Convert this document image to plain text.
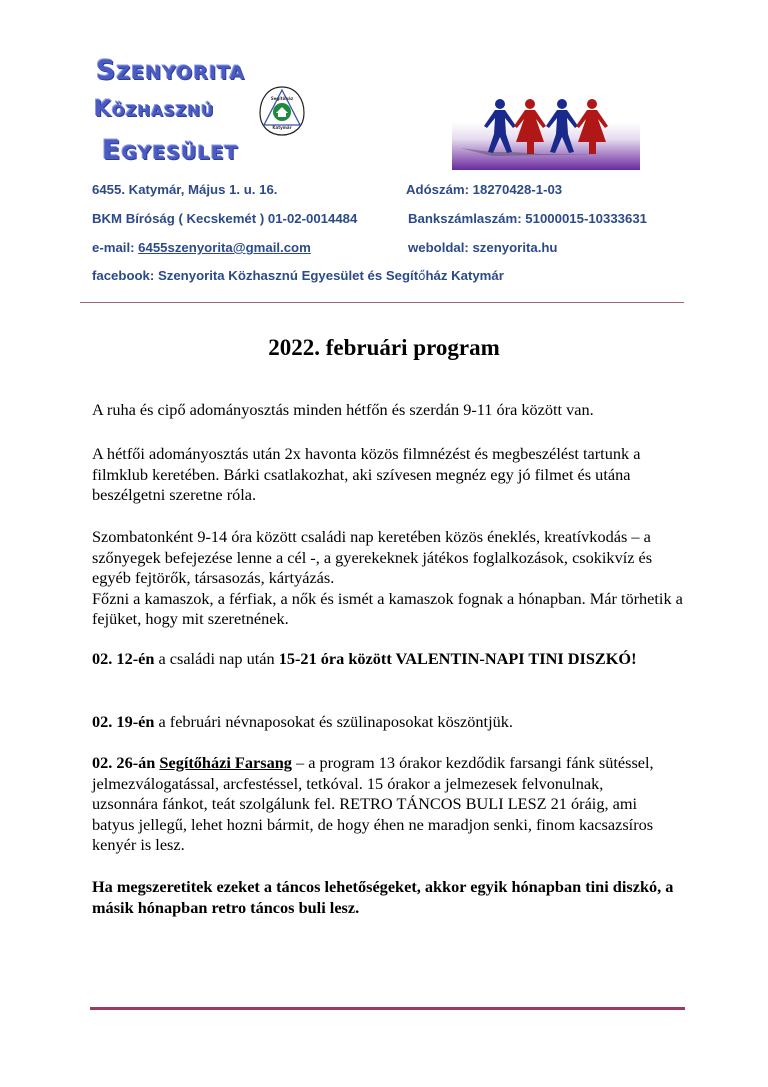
Szenyorita
Közhasznú
Egyesület
Segítőház
Katymár
6455. Katymár, Május 1. u. 16.	Adószám: 18270428-1-03
BKM Bíróság ( Kecskemét ) 01-02-0014484	Bankszámlaszám: 51000015-10333631
e-mail: 6455szenyorita@gmail.com	weboldal: szenyorita.hu
facebook: Szenyorita Közhasznú Egyesület és Segítőház Katymár
2022. februári program
A ruha és cipő adományosztás minden hétfőn és szerdán 9-11 óra között van.
A hétfői adományosztás után 2x havonta közös filmnézést és megbeszélést tartunk a filmklub keretében. Bárki csatlakozhat, aki szívesen megnéz egy jó filmet és utána beszélgetni szeretne róla.
Szombatonként 9-14 óra között családi nap keretében közös éneklés, kreatívkodás – a szőnyegek befejezése lenne a cél -, a gyerekeknek játékos foglalkozások, csokikvíz és egyéb fejtörők, társasozás, kártyázás.
Főzni a kamaszok, a férfiak, a nők és ismét a kamaszok fognak a hónapban. Már törhetik a fejüket, hogy mit szeretnének.
02. 12-én a családi nap után 15-21 óra között VALENTIN-NAPI TINI DISZKÓ!
02. 19-én a februári névnaposokat és szülinaposokat köszöntjük.
02. 26-án Segítőházi Farsang – a program 13 órakor kezdődik farsangi fánk sütéssel, jelmezválogatással, arcfestéssel, tetkóval. 15 órakor a jelmezesek felvonulnak, uzsonnára fánkot, teát szolgálunk fel. RETRO TÁNCOS BULI LESZ 21 óráig, ami batyus jellegű, lehet hozni bármit, de hogy éhen ne maradjon senki, finom kacsazsíros kenyér is lesz.
Ha megszeretitek ezeket a táncos lehetőségeket, akkor egyik hónapban tini diszkó, a másik hónapban retro táncos buli lesz.
